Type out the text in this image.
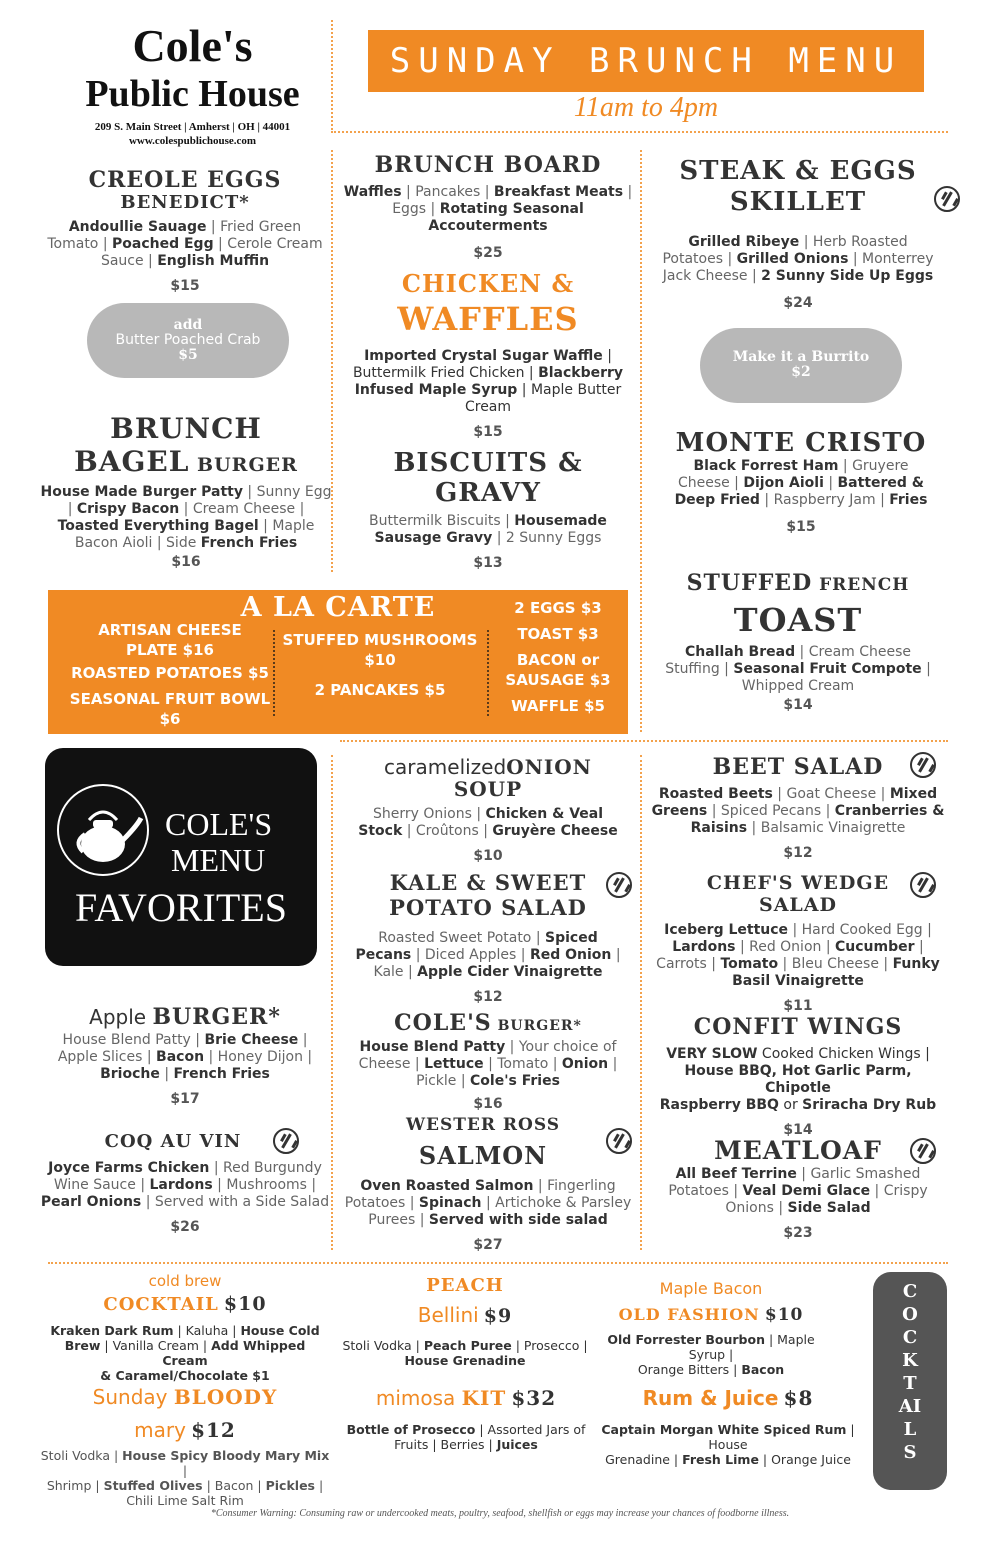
Cole's
Public House
209 S. Main Street | Amherst | OH | 44001
www.colespublichouse.com
SUNDAY BRUNCH MENU
11am to 4pm
CREOLE EGGS
BENEDICT*
Andoullie Sauage | Fried Green
Tomato | Poached Egg | Cerole Cream
Sauce | English Muffin
$15
add
Butter Poached Crab
$5
BRUNCH
BAGEL BURGER
House Made Burger Patty | Sunny Egg
| Crispy Bacon | Cream Cheese |
Toasted Everything Bagel | Maple
Bacon Aioli | Side French Fries
$16
BRUNCH BOARD
Waffles | Pancakes | Breakfast Meats |
Eggs | Rotating Seasonal
Accouterments
$25
CHICKEN &
WAFFLES
Imported Crystal Sugar Waffle |
Buttermilk Fried Chicken | Blackberry
Infused Maple Syrup | Maple Butter
Cream
$15
BISCUITS &
GRAVY
Buttermilk Biscuits | Housemade
Sausage Gravy | 2 Sunny Eggs
$13
STEAK & EGGS
SKILLET
Grilled Ribeye | Herb Roasted
Potatoes | Grilled Onions | Monterrey
Jack Cheese | 2 Sunny Side Up Eggs
$24
Make it a Burrito
$2
MONTE CRISTO
Black Forrest Ham | Gruyere
Cheese | Dijon Aioli | Battered &
Deep Fried | Raspberry Jam | Fries
$15
A LA CARTE
ARTISAN CHEESE
PLATE $16
ROASTED POTATOES $5
SEASONAL FRUIT BOWL
$6
STUFFED MUSHROOMS
$10
2 PANCAKES $5
2 EGGS $3
TOAST $3
BACON or
SAUSAGE $3
WAFFLE $5
STUFFED FRENCH
TOAST
Challah Bread | Cream Cheese
Stuffing | Seasonal Fruit Compote |
Whipped Cream
$14
COLE'S
MENU
FAVORITES
caramelizedONION
SOUP
Sherry Onions | Chicken & Veal
Stock | Croûtons | Gruyère Cheese
$10
KALE & SWEET
POTATO SALAD
Roasted Sweet Potato | Spiced
Pecans | Diced Apples | Red Onion |
Kale | Apple Cider Vinaigrette
$12
BEET SALAD
Roasted Beets | Goat Cheese | Mixed
Greens | Spiced Pecans | Cranberries &
Raisins | Balsamic Vinaigrette
$12
CHEF'S WEDGE
SALAD
Iceberg Lettuce | Hard Cooked Egg |
Lardons | Red Onion | Cucumber |
Carrots | Tomato | Bleu Cheese | Funky
Basil Vinaigrette
$11
Apple BURGER*
House Blend Patty | Brie Cheese |
Apple Slices | Bacon | Honey Dijon |
Brioche | French Fries
$17
COQ AU VIN
Joyce Farms Chicken | Red Burgundy
Wine Sauce | Lardons | Mushrooms |
Pearl Onions | Served with a Side Salad
$26
COLE'S BURGER*
House Blend Patty | Your choice of
Cheese | Lettuce | Tomato | Onion |
Pickle | Cole's Fries
$16
WESTER ROSS
SALMON
Oven Roasted Salmon | Fingerling
Potatoes | Spinach | Artichoke & Parsley
Purees | Served with side salad
$27
CONFIT WINGS
VERY SLOW Cooked Chicken Wings |
House BBQ, Hot Garlic Parm, Chipotle
Raspberry BBQ or Sriracha Dry Rub
$14
MEATLOAF
All Beef Terrine | Garlic Smashed
Potatoes | Veal Demi Glace | Crispy
Onions | Side Salad
$23
cold brew
COCKTAIL $10
Kraken Dark Rum | Kaluha | House Cold
Brew | Vanilla Cream | Add Whipped Cream
& Caramel/Chocolate $1
PEACH
Bellini $9
Stoli Vodka | Peach Puree | Prosecco |
House Grenadine
Maple Bacon
OLD FASHION $10
Old Forrester Bourbon | Maple Syrup |
Orange Bitters | Bacon
Sunday BLOODY
mary $12
Stoli Vodka | House Spicy Bloody Mary Mix |
Shrimp | Stuffed Olives | Bacon | Pickles |
Chili Lime Salt Rim
mimosa KIT $32
Bottle of Prosecco | Assorted Jars of
Fruits | Berries | Juices
Rum & Juice $8
Captain Morgan White Spiced Rum | House
Grenadine | Fresh Lime | Orange Juice
COCKTAILS
*Consumer Warning: Consuming raw or undercooked meats, poultry, seafood, shellfish or eggs may increase your chances of foodborne illness.
